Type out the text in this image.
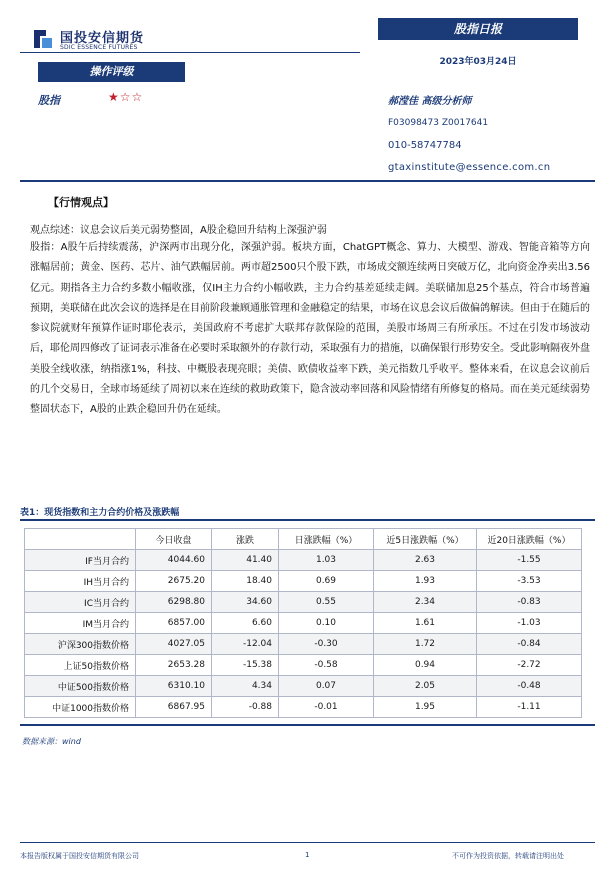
国投安信期货
SDIC ESSENCE FUTURES
股指日报
2023年03月24日
操作评级
股指	★☆☆	郝滢佳 高级分析师
F03098473 Z0017641
010-58747784
gtaxinstitute@essence.com.cn
【行情观点】
观点综述：议息会议后美元弱势整固，A股企稳回升结构上深强沪弱
股指：A股午后持续震荡，沪深两市出现分化，深强沪弱。板块方面，ChatGPT概念、算力、大模型、游戏、智能音箱等方向涨幅居前；黄金、医药、芯片、油气跌幅居前。两市超2500只个股下跌，市场成交额连续两日突破万亿，北向资金净卖出3.56亿元。期指各主力合约多数小幅收涨，仅IH主力合约小幅收跌，主力合约基差延续走阔。美联储加息25个基点，符合市场普遍预期，美联储在此次会议的选择是在目前阶段兼顾通胀管理和金融稳定的结果，市场在议息会议后做偏鸽解读。但由于在随后的参议院就财年预算作证时耶伦表示，美国政府不考虑扩大联邦存款保险的范围，美股市场周三有所承压。不过在引发市场波动后，耶伦周四修改了证词表示准备在必要时采取额外的存款行动，采取强有力的措施，以确保银行形势安全。受此影响隔夜外盘美股全线收涨，纳指涨1%，科技、中概股表现亮眼；美债、欧债收益率下跌，美元指数几乎收平。整体来看，在议息会议前后的几个交易日，全球市场延续了周初以来在连续的救助政策下，隐含波动率回落和风险情绪有所修复的格局。而在美元延续弱势整固状态下，A股的止跌企稳回升仍在延续。
表1：现货指数和主力合约价格及涨跌幅
	今日收盘	涨跌	日涨跌幅（%）	近5日涨跌幅（%）	近20日涨跌幅（%）
IF当月合约	4044.60	41.40	1.03	2.63	-1.55
IH当月合约	2675.20	18.40	0.69	1.93	-3.53
IC当月合约	6298.80	34.60	0.55	2.34	-0.83
IM当月合约	6857.00	6.60	0.10	1.61	-1.03
沪深300指数价格	4027.05	-12.04	-0.30	1.72	-0.84
上证50指数价格	2653.28	-15.38	-0.58	0.94	-2.72
中证500指数价格	6310.10	4.34	0.07	2.05	-0.48
中证1000指数价格	6867.95	-0.88	-0.01	1.95	-1.11
数据来源：wind
本报告版权属于国投安信期货有限公司	1	不可作为投资依据，转载请注明出处
